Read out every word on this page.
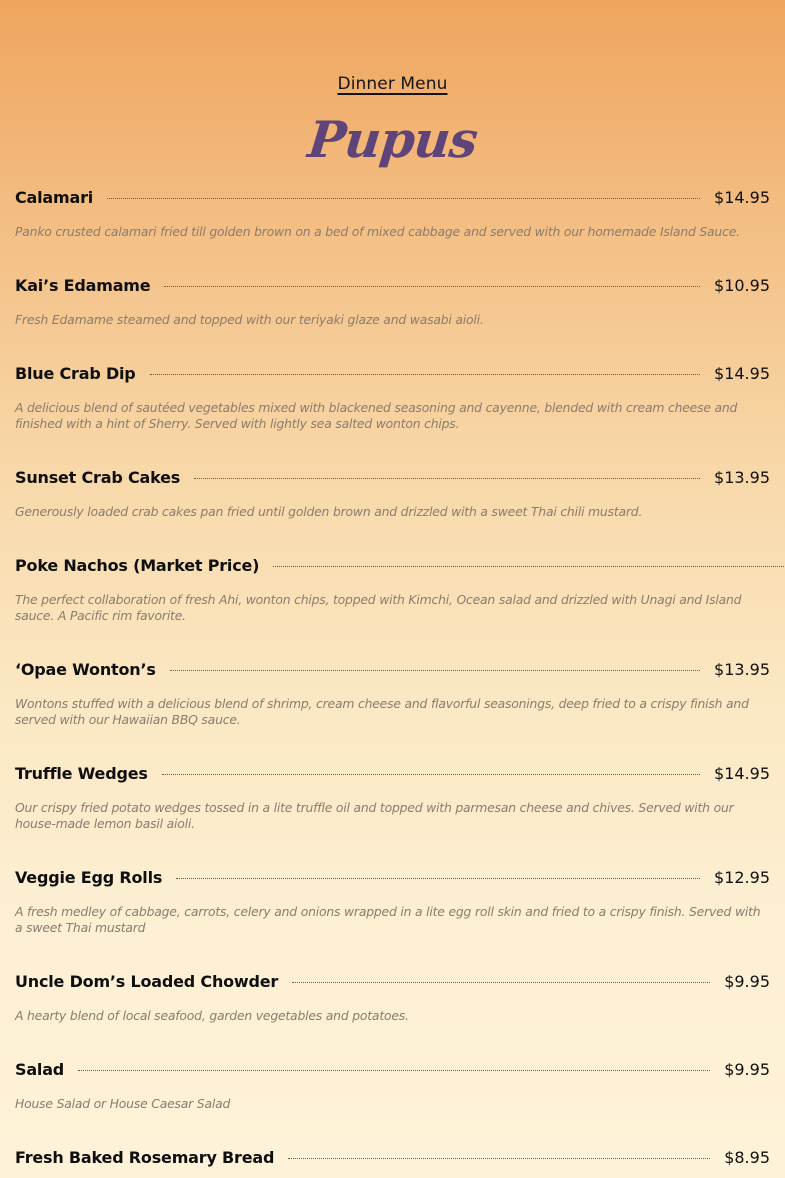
Dinner Menu
Pupus
Calamari	$14.95
Panko crusted calamari fried till golden brown on a bed of mixed cabbage and served with our homemade Island Sauce.
Kai’s Edamame	$10.95
Fresh Edamame steamed and topped with our teriyaki glaze and wasabi aioli.
Blue Crab Dip	$14.95
A delicious blend of sautéed vegetables mixed with blackened seasoning and cayenne, blended with cream cheese and finished with a hint of Sherry. Served with lightly sea salted wonton chips.
Sunset Crab Cakes	$13.95
Generously loaded crab cakes pan fried until golden brown and drizzled with a sweet Thai chili mustard.
Poke Nachos (Market Price)
The perfect collaboration of fresh Ahi, wonton chips, topped with Kimchi, Ocean salad and drizzled with Unagi and Island sauce. A Pacific rim favorite.
‘Opae Wonton’s	$13.95
Wontons stuffed with a delicious blend of shrimp, cream cheese and flavorful seasonings, deep fried to a crispy finish and served with our Hawaiian BBQ sauce.
Truffle Wedges	$14.95
Our crispy fried potato wedges tossed in a lite truffle oil and topped with parmesan cheese and chives. Served with our house-made lemon basil aioli.
Veggie Egg Rolls	$12.95
A fresh medley of cabbage, carrots, celery and onions wrapped in a lite egg roll skin and fried to a crispy finish. Served with a sweet Thai mustard
Uncle Dom’s Loaded Chowder	$9.95
A hearty blend of local seafood, garden vegetables and potatoes.
Salad	$9.95
House Salad or House Caesar Salad
Fresh Baked Rosemary Bread	$8.95
